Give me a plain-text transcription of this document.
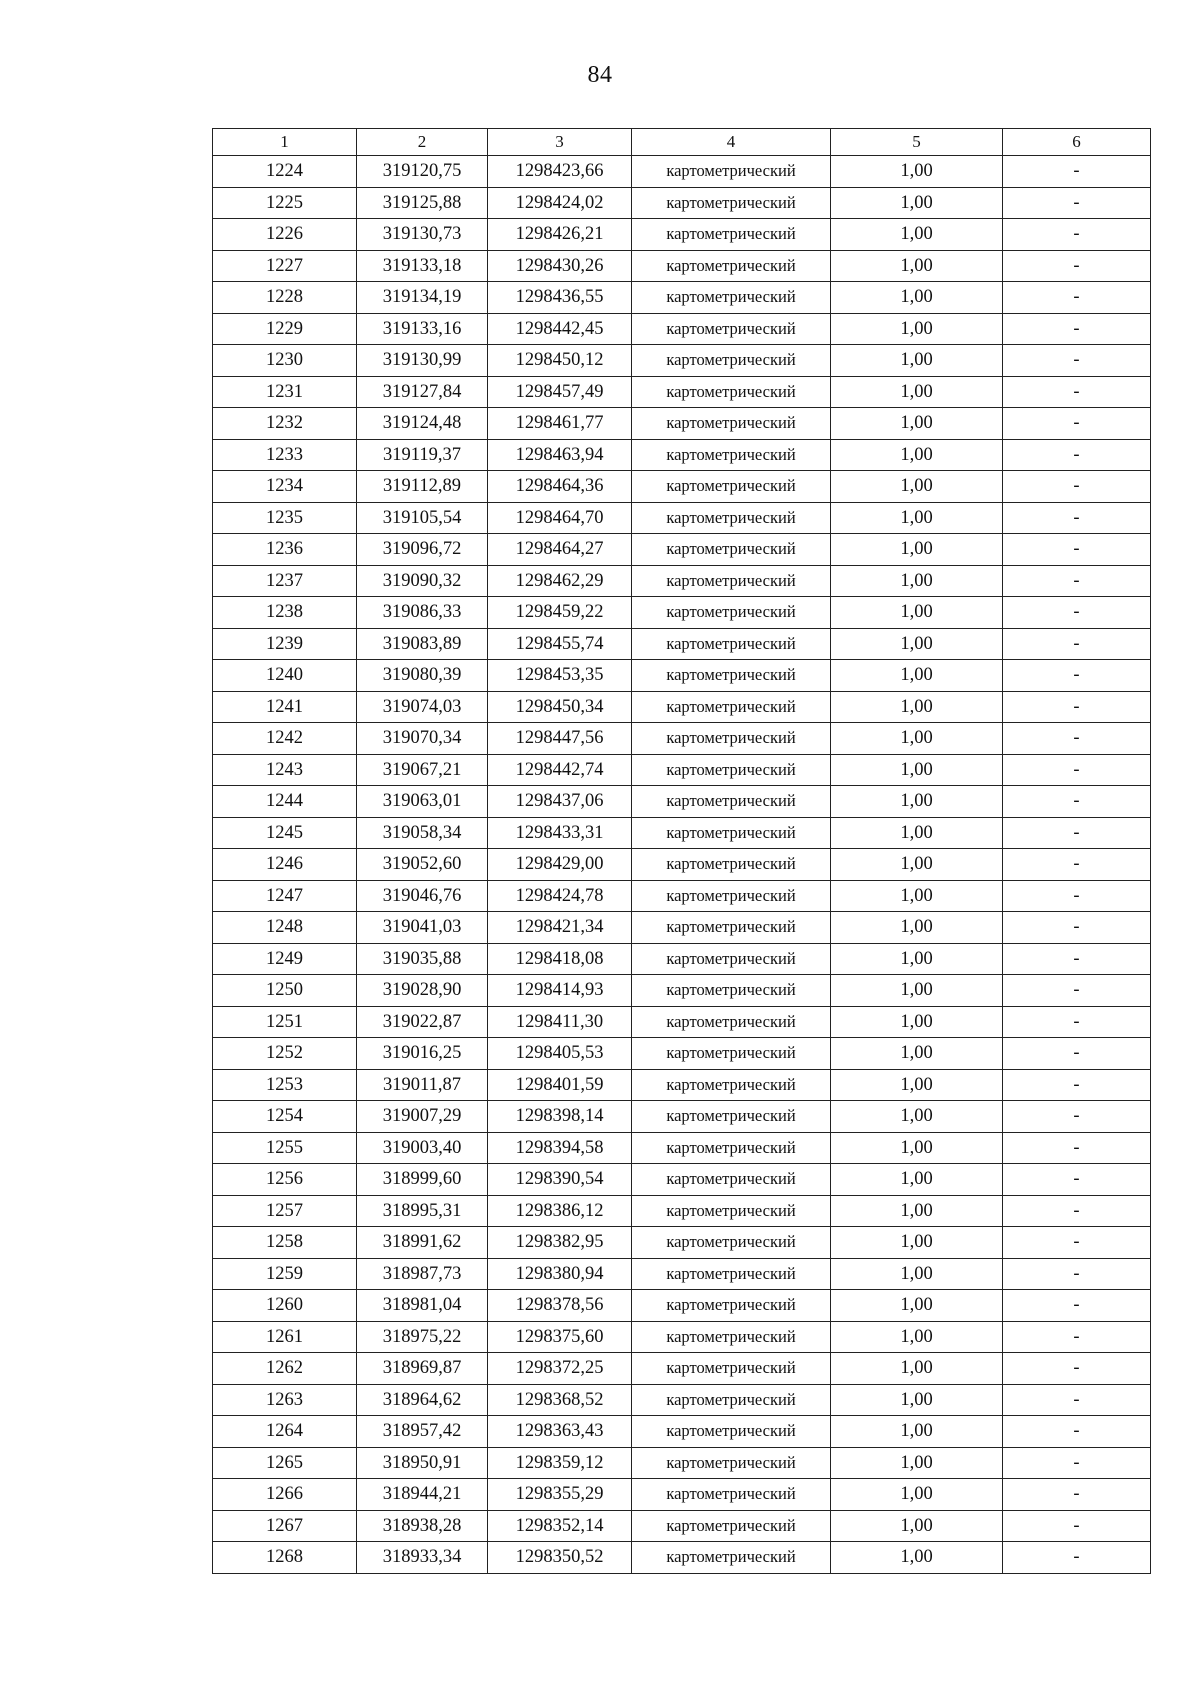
84
1	2	3	4	5	6
1224	319120,75	1298423,66	картометрический	1,00	-
1225	319125,88	1298424,02	картометрический	1,00	-
1226	319130,73	1298426,21	картометрический	1,00	-
1227	319133,18	1298430,26	картометрический	1,00	-
1228	319134,19	1298436,55	картометрический	1,00	-
1229	319133,16	1298442,45	картометрический	1,00	-
1230	319130,99	1298450,12	картометрический	1,00	-
1231	319127,84	1298457,49	картометрический	1,00	-
1232	319124,48	1298461,77	картометрический	1,00	-
1233	319119,37	1298463,94	картометрический	1,00	-
1234	319112,89	1298464,36	картометрический	1,00	-
1235	319105,54	1298464,70	картометрический	1,00	-
1236	319096,72	1298464,27	картометрический	1,00	-
1237	319090,32	1298462,29	картометрический	1,00	-
1238	319086,33	1298459,22	картометрический	1,00	-
1239	319083,89	1298455,74	картометрический	1,00	-
1240	319080,39	1298453,35	картометрический	1,00	-
1241	319074,03	1298450,34	картометрический	1,00	-
1242	319070,34	1298447,56	картометрический	1,00	-
1243	319067,21	1298442,74	картометрический	1,00	-
1244	319063,01	1298437,06	картометрический	1,00	-
1245	319058,34	1298433,31	картометрический	1,00	-
1246	319052,60	1298429,00	картометрический	1,00	-
1247	319046,76	1298424,78	картометрический	1,00	-
1248	319041,03	1298421,34	картометрический	1,00	-
1249	319035,88	1298418,08	картометрический	1,00	-
1250	319028,90	1298414,93	картометрический	1,00	-
1251	319022,87	1298411,30	картометрический	1,00	-
1252	319016,25	1298405,53	картометрический	1,00	-
1253	319011,87	1298401,59	картометрический	1,00	-
1254	319007,29	1298398,14	картометрический	1,00	-
1255	319003,40	1298394,58	картометрический	1,00	-
1256	318999,60	1298390,54	картометрический	1,00	-
1257	318995,31	1298386,12	картометрический	1,00	-
1258	318991,62	1298382,95	картометрический	1,00	-
1259	318987,73	1298380,94	картометрический	1,00	-
1260	318981,04	1298378,56	картометрический	1,00	-
1261	318975,22	1298375,60	картометрический	1,00	-
1262	318969,87	1298372,25	картометрический	1,00	-
1263	318964,62	1298368,52	картометрический	1,00	-
1264	318957,42	1298363,43	картометрический	1,00	-
1265	318950,91	1298359,12	картометрический	1,00	-
1266	318944,21	1298355,29	картометрический	1,00	-
1267	318938,28	1298352,14	картометрический	1,00	-
1268	318933,34	1298350,52	картометрический	1,00	-
